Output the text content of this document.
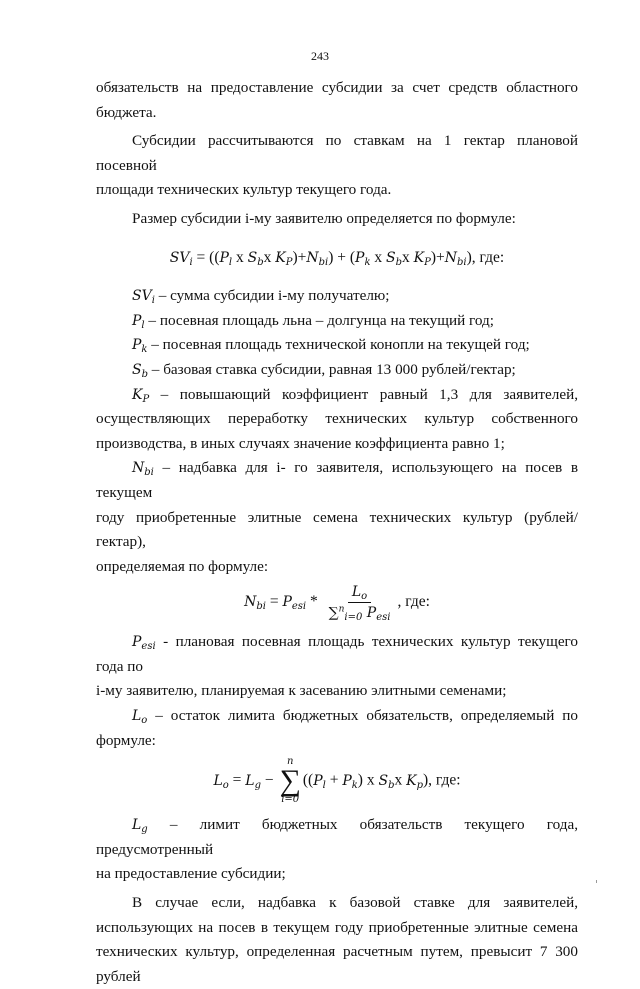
243

обязательств на предоставление субсидии за счет средств областного

бюджета.

Субсидии рассчитываются по ставкам на 1 гектар плановой посевной

площади технических культур текущего года.

Размер субсидии i-му заявителю определяется по формуле:

$SV_i = ((P_l$ x $S_bx$ $K_P)+N_{bi}) + (P_k$ x $S_bx$ $K_P)+N_{bi}$), где:

$SV_i$ – сумма субсидии i-му получателю;

$P_l$ – посевная площадь льна – долгунца на текущий год;

$P_k$ – посевная площадь технической конопли на текущей год;

$S_b$ – базовая ставка субсидии, равная 13 000 рублей/гектар;

$K_P$ – повышающий коэффициент равный 1,3 для заявителей,

осуществляющих переработку технических культур собственного

производства, в иных случаях значение коэффициента равно 1;

$N_{bi}$ – надбавка для i- го заявителя, использующего на посев в текущем

году приобретенные элитные семена технических культур (рублей/гектар),

определяемая по формуле:

$N_{bi} = P_{esi} * \frac{L_o}{\sum^n_{i=0} P_{esi}}$ , где:

$P_{esi}$ - плановая посевная площадь технических культур текущего года по

i-му заявителю, планируемая к засеванию элитными семенами;

$L_o$ – остаток лимита бюджетных обязательств, определяемый по

формуле:

$L_o = L_g$ −
n
∑
i=0
($(P_l + P_k)$ x $S_bx$ $K_p$), где:

$L_g$ – лимит бюджетных обязательств текущего года, предусмотренный

на предоставление субсидии;

В случае если, надбавка к базовой ставке для заявителей,

использующих на посев в текущем году приобретенные элитные семена

технических культур, определенная расчетным путем, превысит 7 300 рублей
